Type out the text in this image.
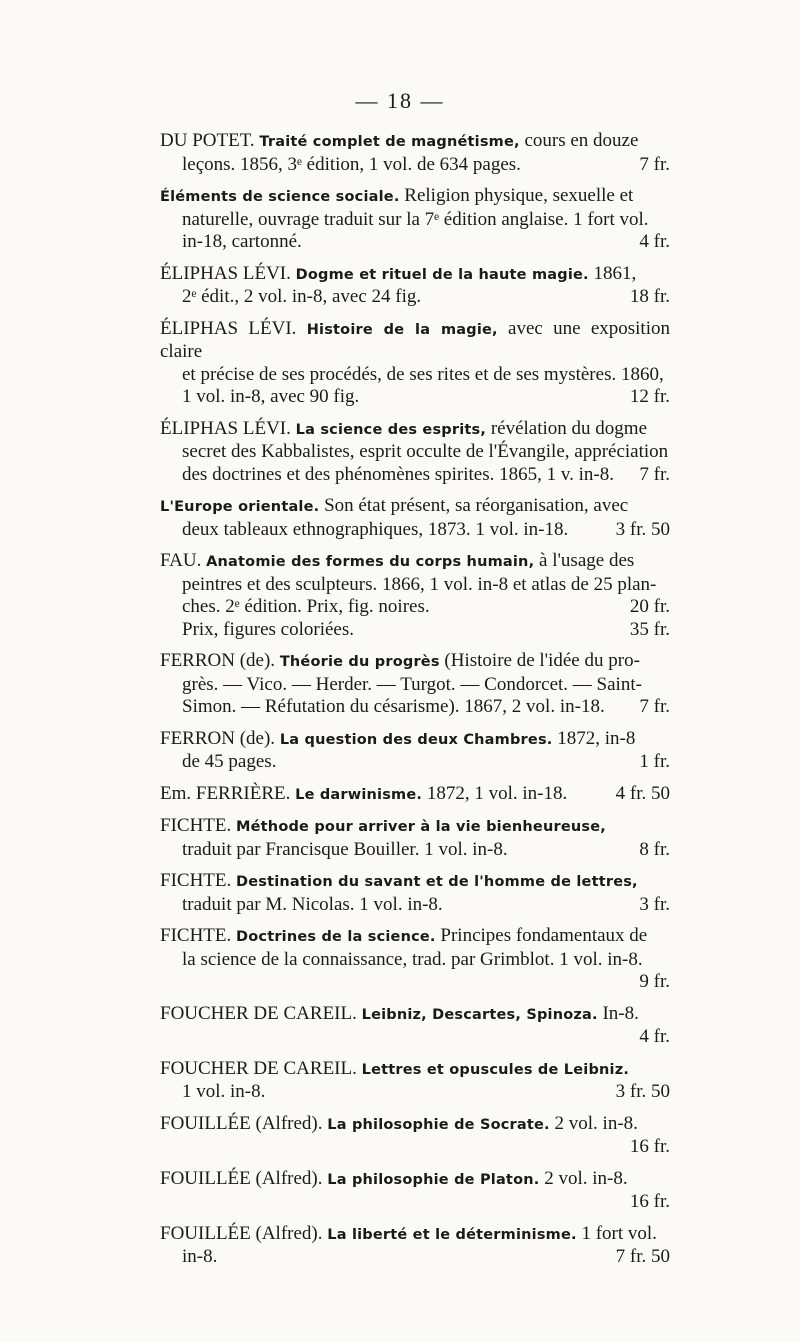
— 18 —
DU POTET. Traité complet de magnétisme, cours en douze
leçons. 1856, 3ᵉ édition, 1 vol. de 634 pages.	7 fr.
Éléments de science sociale. Religion physique, sexuelle et
naturelle, ouvrage traduit sur la 7ᵉ édition anglaise. 1 fort vol.
in-18, cartonné.	4 fr.
ÉLIPHAS LÉVI. Dogme et rituel de la haute magie. 1861,
2ᵉ édit., 2 vol. in-8, avec 24 fig.	18 fr.
ÉLIPHAS LÉVI. Histoire de la magie, avec une exposition claire
et précise de ses procédés, de ses rites et de ses mystères. 1860,
1 vol. in-8, avec 90 fig.	12 fr.
ÉLIPHAS LÉVI. La science des esprits, révélation du dogme
secret des Kabbalistes, esprit occulte de l'Évangile, appréciation
des doctrines et des phénomènes spirites. 1865, 1 v. in-8. 7 fr.
L'Europe orientale. Son état présent, sa réorganisation, avec
deux tableaux ethnographiques, 1873. 1 vol. in-18. 3 fr. 50
FAU. Anatomie des formes du corps humain, à l'usage des
peintres et des sculpteurs. 1866, 1 vol. in-8 et atlas de 25 plan-
ches. 2ᵉ édition. Prix, fig. noires.	20 fr.
Prix, figures coloriées.	35 fr.
FERRON (de). Théorie du progrès (Histoire de l'idée du pro-
grès. — Vico. — Herder. — Turgot. — Condorcet. — Saint-
Simon. — Réfutation du césarisme). 1867, 2 vol. in-18. 7 fr.
FERRON (de). La question des deux Chambres. 1872, in-8
de 45 pages.	1 fr.
Em. FERRIÈRE. Le darwinisme. 1872, 1 vol. in-18.	4 fr. 50
FICHTE. Méthode pour arriver à la vie bienheureuse,
traduit par Francisque Bouiller. 1 vol. in-8.	8 fr.
FICHTE. Destination du savant et de l'homme de lettres,
traduit par M. Nicolas. 1 vol. in-8.	3 fr.
FICHTE. Doctrines de la science. Principes fondamentaux de
la science de la connaissance, trad. par Grimblot. 1 vol. in-8.
9 fr.
FOUCHER DE CAREIL. Leibniz, Descartes, Spinoza. In-8.
4 fr.
FOUCHER DE CAREIL. Lettres et opuscules de Leibniz.
1 vol. in-8.	3 fr. 50
FOUILLÉE (Alfred). La philosophie de Socrate. 2 vol. in-8.
16 fr.
FOUILLÉE (Alfred). La philosophie de Platon. 2 vol. in-8.
16 fr.
FOUILLÉE (Alfred). La liberté et le déterminisme. 1 fort vol.
in-8.	7 fr. 50
